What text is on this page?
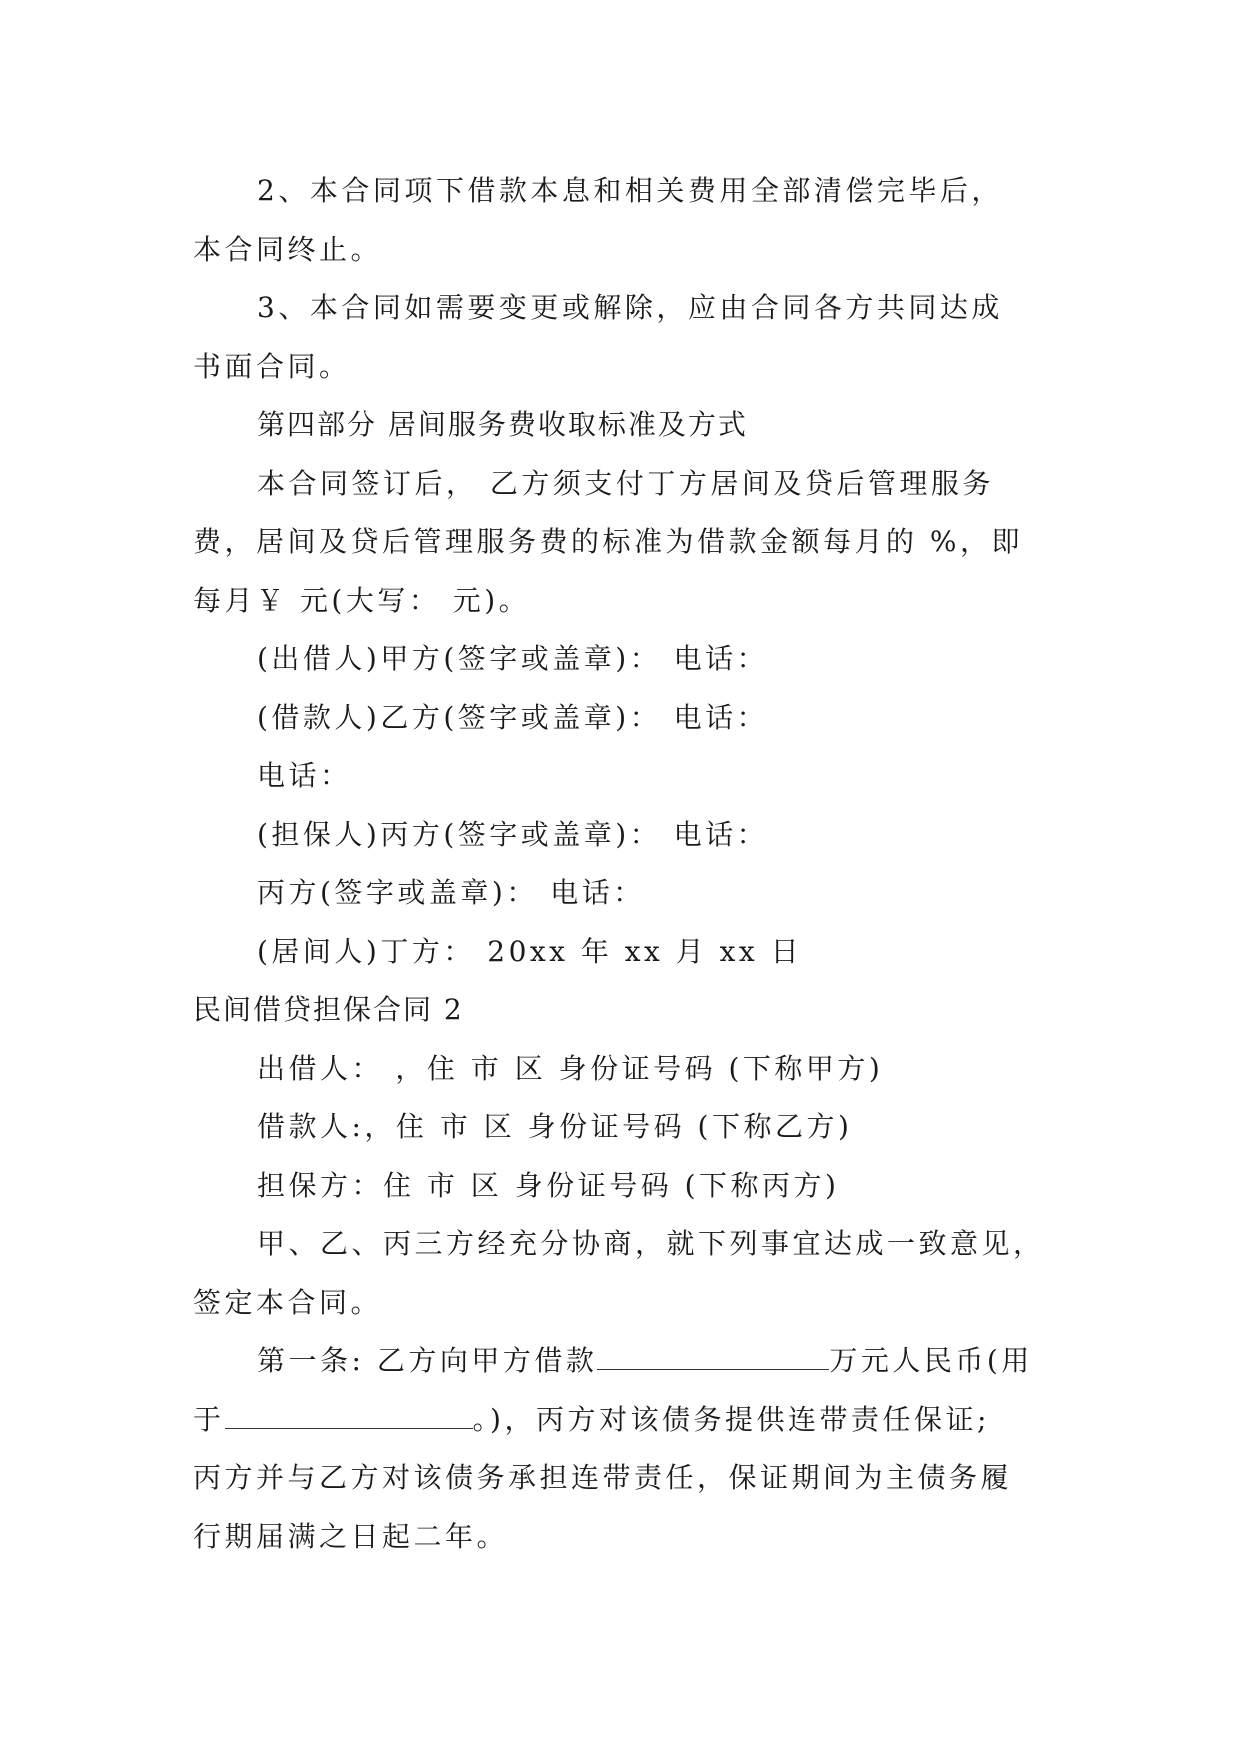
2、本合同项下借款本息和相关费用全部清偿完毕后，
本合同终止。
3、本合同如需要变更或解除，应由合同各方共同达成
书面合同。
第四部分 居间服务费收取标准及方式
本合同签订后， 乙方须支付丁方居间及贷后管理服务
费，居间及贷后管理服务费的标准为借款金额每月的 %，即
每月￥ 元(大写： 元)。
(出借人)甲方(签字或盖章)： 电话：
(借款人)乙方(签字或盖章)： 电话：
电话：
(担保人)丙方(签字或盖章)： 电话：
丙方(签字或盖章)： 电话：
(居间人)丁方： 20xx 年 xx 月 xx 日
民间借贷担保合同 2
出借人： ，住 市 区 身份证号码 (下称甲方)
借款人:，住 市 区 身份证号码 (下称乙方)
担保方：住 市 区 身份证号码 (下称丙方)
甲、乙、丙三方经充分协商，就下列事宜达成一致意见，
签定本合同。
第一条: 乙方向甲方借款	万元人民币(用
于	。)，丙方对该债务提供连带责任保证;
丙方并与乙方对该债务承担连带责任，保证期间为主债务履
行期届满之日起二年。
